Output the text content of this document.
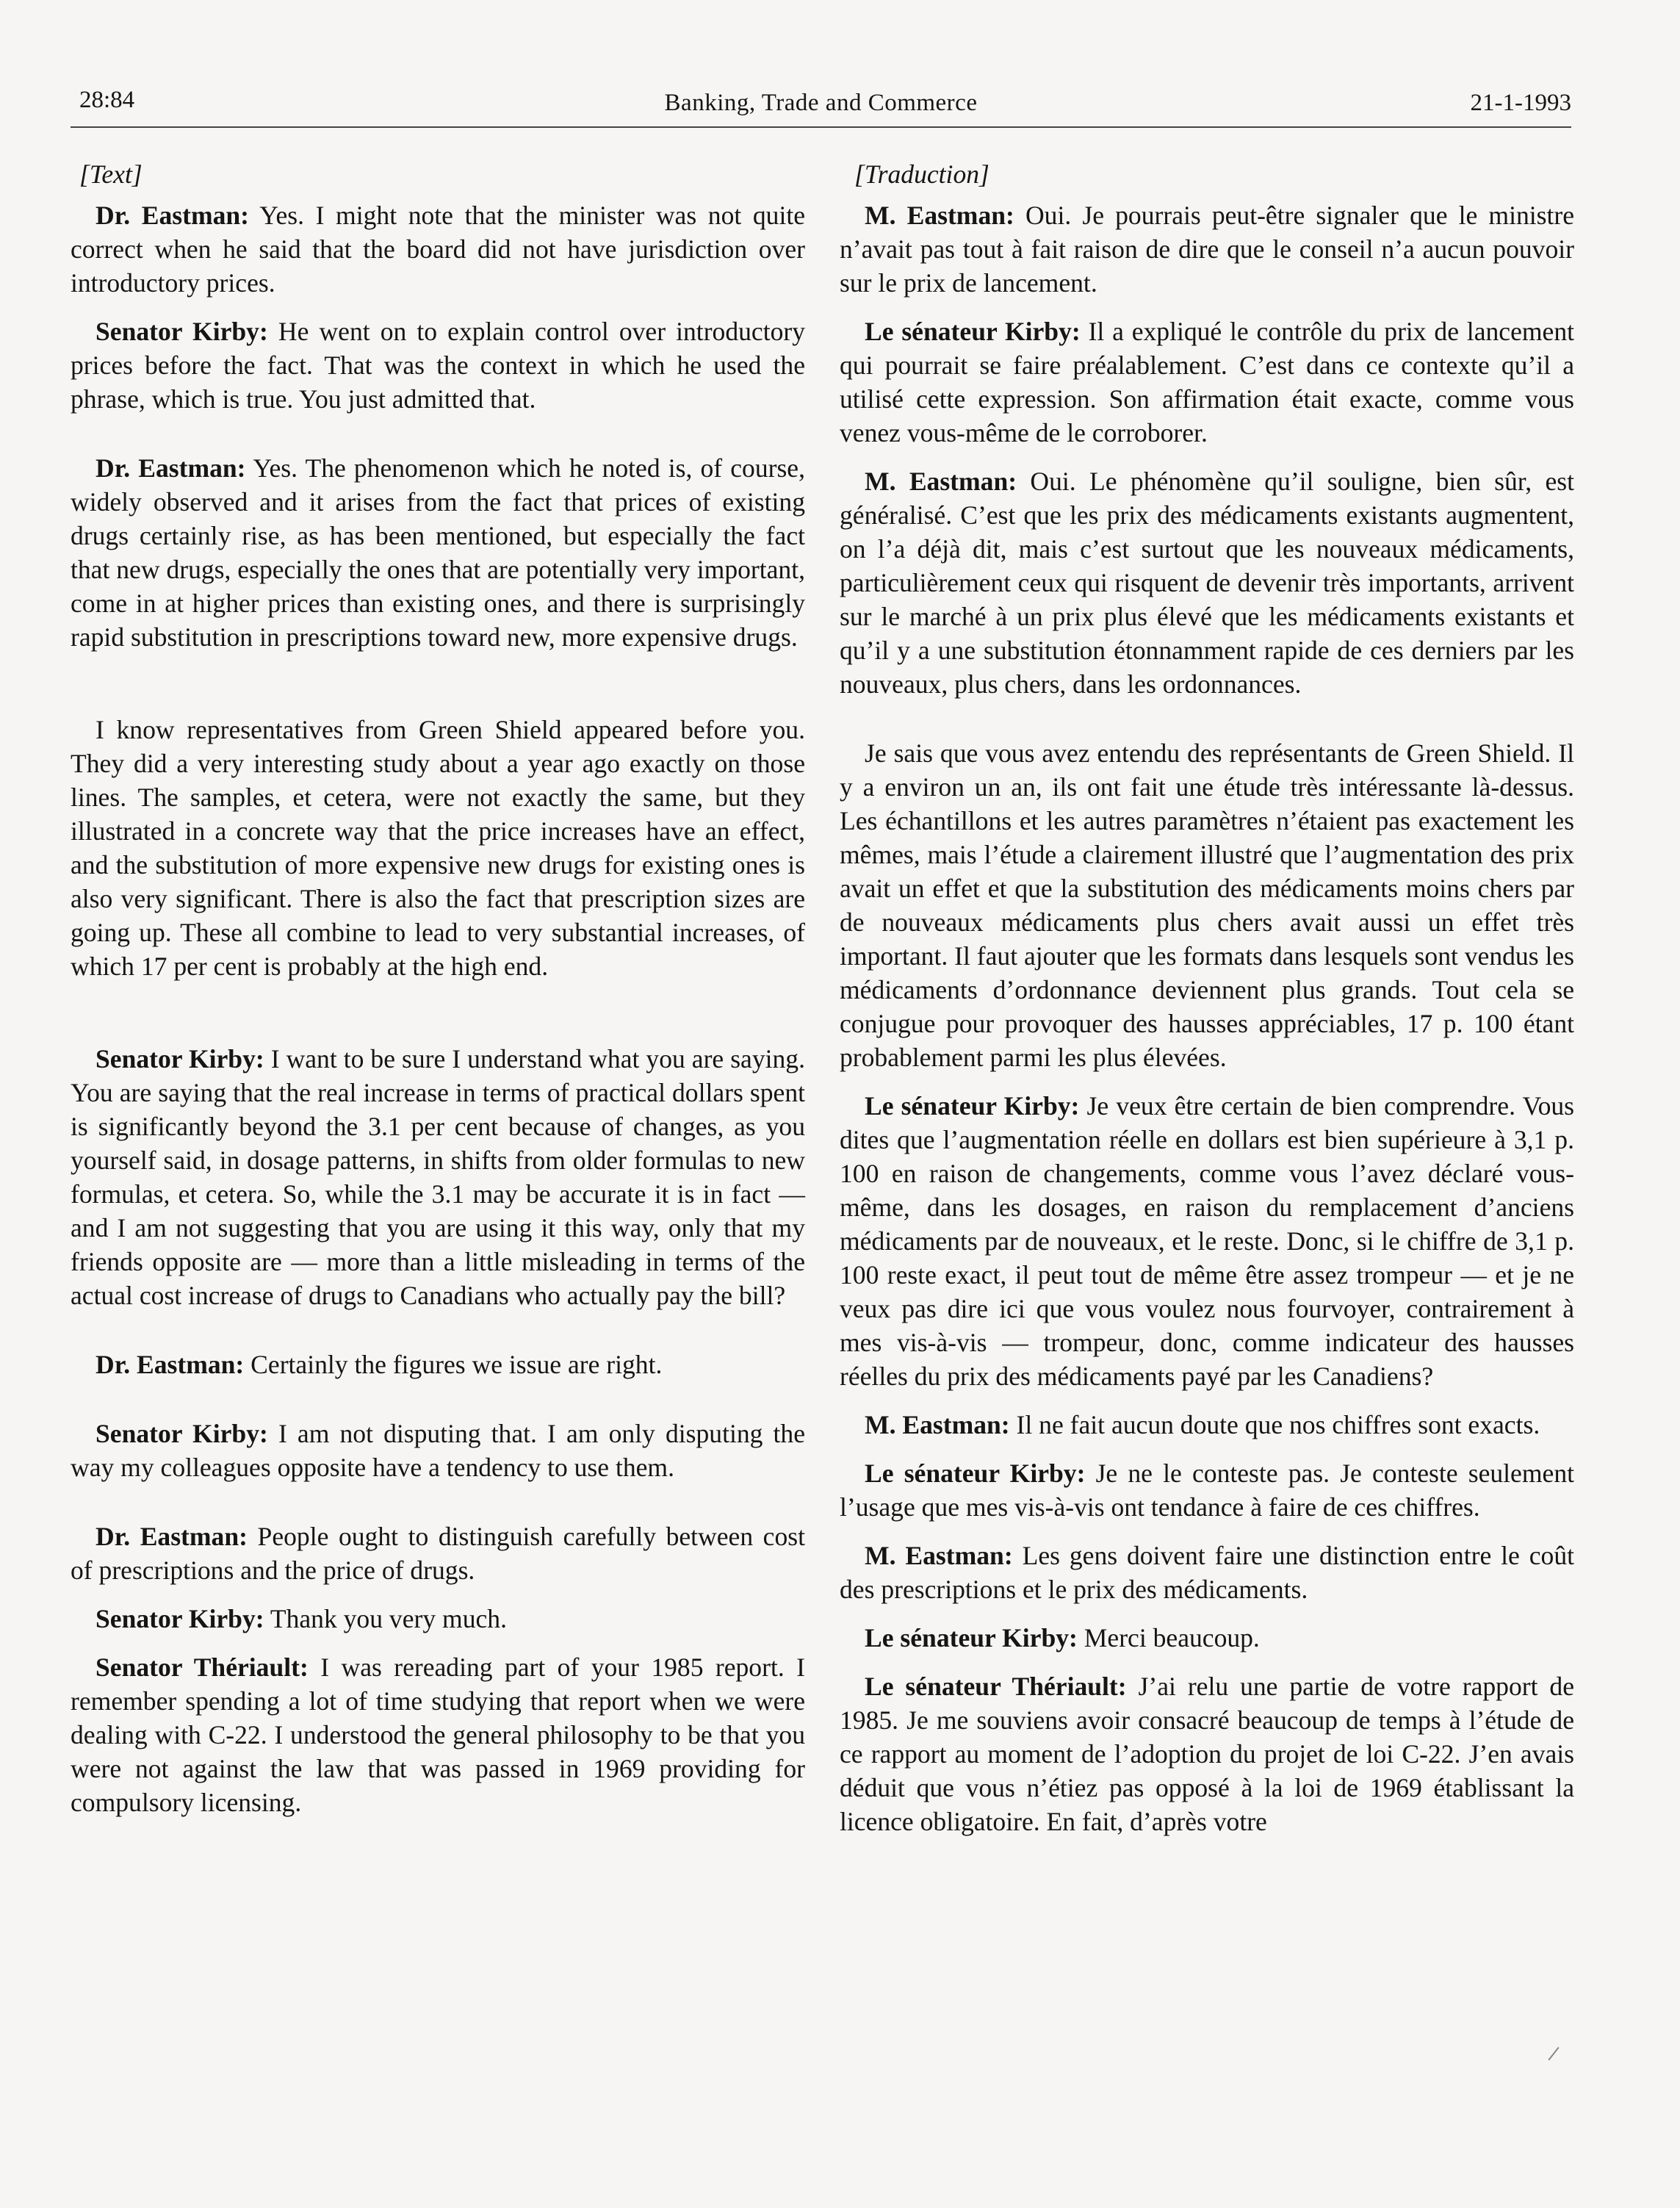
28:84	Banking, Trade and Commerce	21-1-1993
[Text]

Dr. Eastman: Yes. I might note that the minister was not quite correct when he said that the board did not have jurisdiction over introductory prices.

Senator Kirby: He went on to explain control over introductory prices before the fact. That was the context in which he used the phrase, which is true. You just admitted that.

Dr. Eastman: Yes. The phenomenon which he noted is, of course, widely observed and it arises from the fact that prices of existing drugs certainly rise, as has been mentioned, but especially the fact that new drugs, especially the ones that are potentially very important, come in at higher prices than existing ones, and there is surprisingly rapid substitution in prescriptions toward new, more expensive drugs.

I know representatives from Green Shield appeared before you. They did a very interesting study about a year ago exactly on those lines. The samples, et cetera, were not exactly the same, but they illustrated in a concrete way that the price increases have an effect, and the substitution of more expensive new drugs for existing ones is also very significant. There is also the fact that prescription sizes are going up. These all combine to lead to very substantial increases, of which 17 per cent is probably at the high end.

Senator Kirby: I want to be sure I understand what you are saying. You are saying that the real increase in terms of practical dollars spent is significantly beyond the 3.1 per cent because of changes, as you yourself said, in dosage patterns, in shifts from older formulas to new formulas, et cetera. So, while the 3.1 may be accurate it is in fact — and I am not suggesting that you are using it this way, only that my friends opposite are — more than a little misleading in terms of the actual cost increase of drugs to Canadians who actually pay the bill?

Dr. Eastman: Certainly the figures we issue are right.

Senator Kirby: I am not disputing that. I am only disputing the way my colleagues opposite have a tendency to use them.

Dr. Eastman: People ought to distinguish carefully between cost of prescriptions and the price of drugs.

Senator Kirby: Thank you very much.

Senator Thériault: I was rereading part of your 1985 report. I remember spending a lot of time studying that report when we were dealing with C-22. I understood the general philosophy to be that you were not against the law that was passed in 1969 providing for compulsory licensing.

[Traduction]

M. Eastman: Oui. Je pourrais peut-être signaler que le ministre n’avait pas tout à fait raison de dire que le conseil n’a aucun pouvoir sur le prix de lancement.

Le sénateur Kirby: Il a expliqué le contrôle du prix de lancement qui pourrait se faire préalablement. C’est dans ce contexte qu’il a utilisé cette expression. Son affirmation était exacte, comme vous venez vous-même de le corroborer.

M. Eastman: Oui. Le phénomène qu’il souligne, bien sûr, est généralisé. C’est que les prix des médicaments existants augmentent, on l’a déjà dit, mais c’est surtout que les nouveaux médicaments, particulièrement ceux qui risquent de devenir très importants, arrivent sur le marché à un prix plus élevé que les médicaments existants et qu’il y a une substitution étonnamment rapide de ces derniers par les nouveaux, plus chers, dans les ordonnances.

Je sais que vous avez entendu des représentants de Green Shield. Il y a environ un an, ils ont fait une étude très intéressante là-dessus. Les échantillons et les autres paramètres n’étaient pas exactement les mêmes, mais l’étude a clairement illustré que l’augmentation des prix avait un effet et que la substitution des médicaments moins chers par de nouveaux médicaments plus chers avait aussi un effet très important. Il faut ajouter que les formats dans lesquels sont vendus les médicaments d’ordonnance deviennent plus grands. Tout cela se conjugue pour provoquer des hausses appréciables, 17 p. 100 étant probablement parmi les plus élevées.

Le sénateur Kirby: Je veux être certain de bien comprendre. Vous dites que l’augmentation réelle en dollars est bien supérieure à 3,1 p. 100 en raison de changements, comme vous l’avez déclaré vous-même, dans les dosages, en raison du remplacement d’anciens médicaments par de nouveaux, et le reste. Donc, si le chiffre de 3,1 p. 100 reste exact, il peut tout de même être assez trompeur — et je ne veux pas dire ici que vous voulez nous fourvoyer, contrairement à mes vis-à-vis — trompeur, donc, comme indicateur des hausses réelles du prix des médicaments payé par les Canadiens?

M. Eastman: Il ne fait aucun doute que nos chiffres sont exacts.

Le sénateur Kirby: Je ne le conteste pas. Je conteste seulement l’usage que mes vis-à-vis ont tendance à faire de ces chiffres.

M. Eastman: Les gens doivent faire une distinction entre le coût des prescriptions et le prix des médicaments.

Le sénateur Kirby: Merci beaucoup.

Le sénateur Thériault: J’ai relu une partie de votre rapport de 1985. Je me souviens avoir consacré beaucoup de temps à l’étude de ce rapport au moment de l’adoption du projet de loi C-22. J’en avais déduit que vous n’étiez pas opposé à la loi de 1969 établissant la licence obligatoire. En fait, d’après votre
